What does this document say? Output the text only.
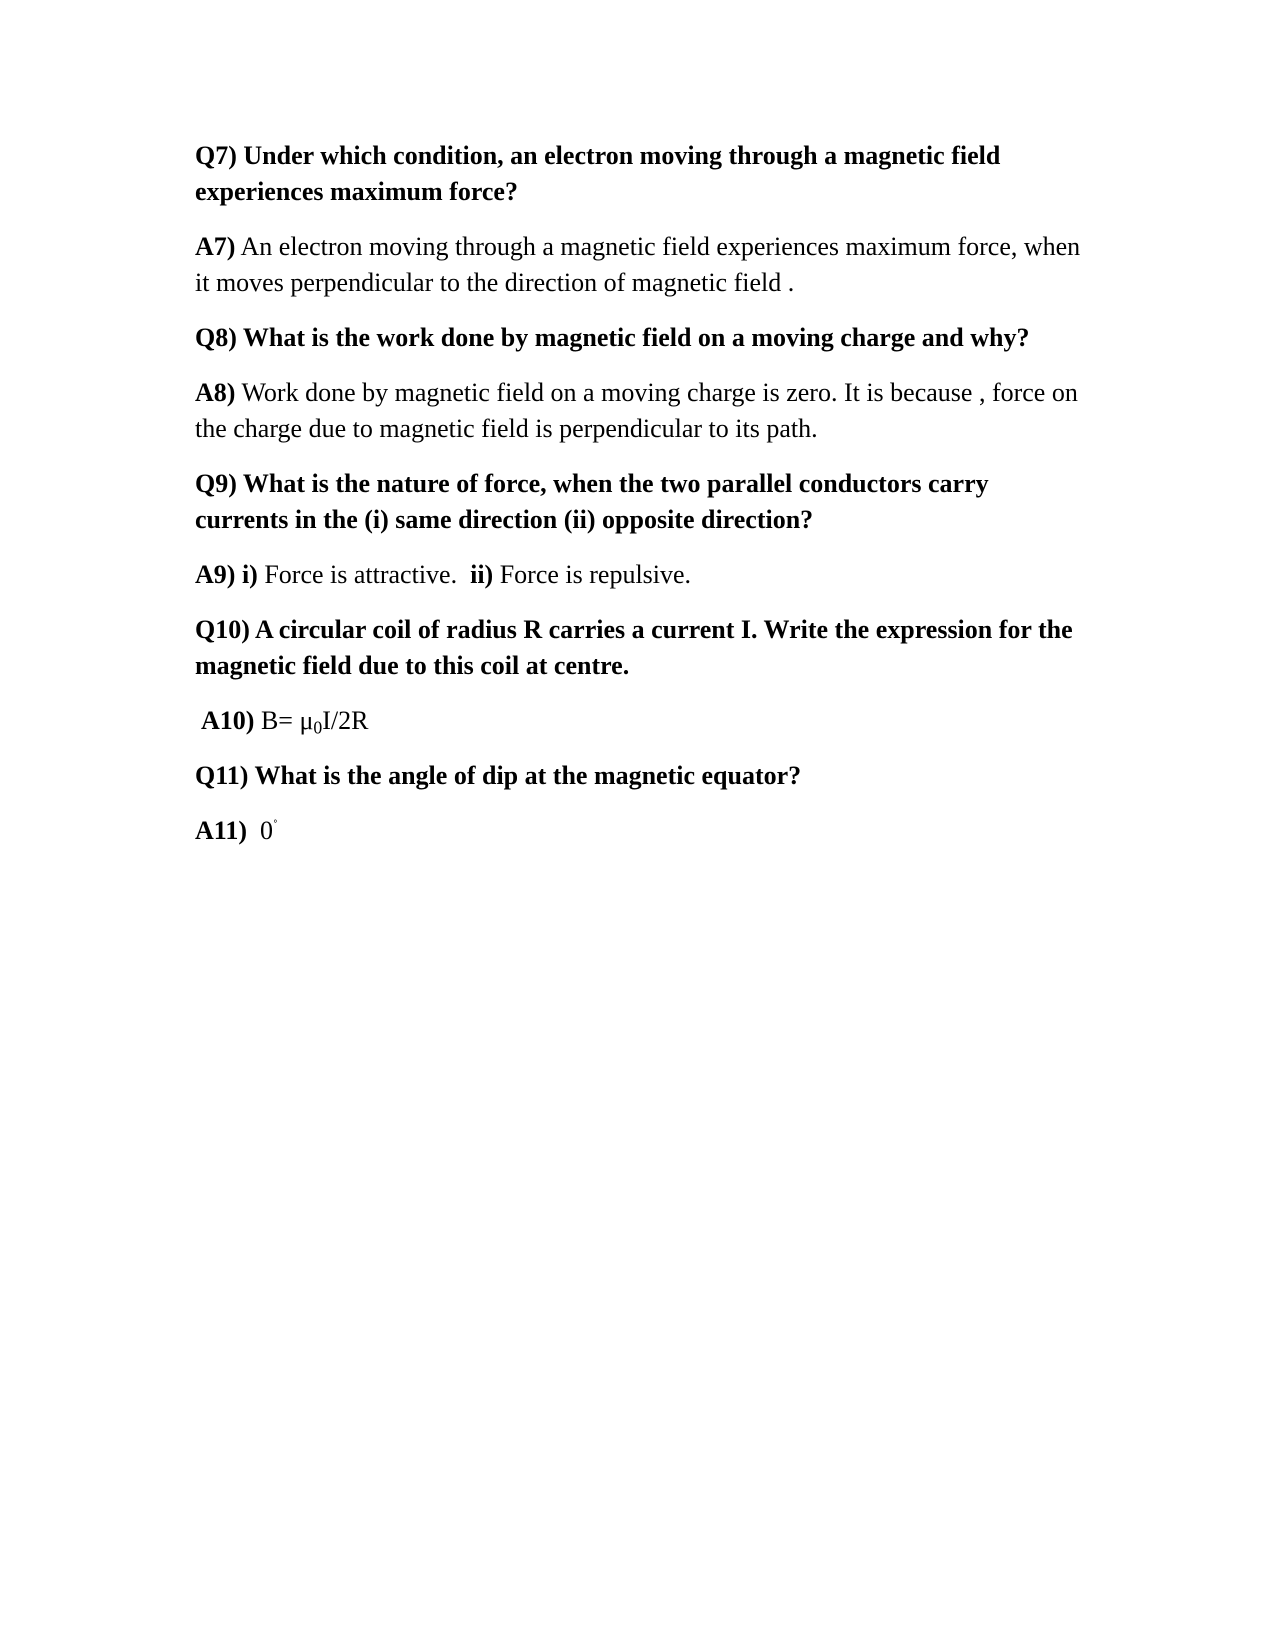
Q7) Under which condition, an electron moving through a magnetic field experiences maximum force?

A7) An electron moving through a magnetic field experiences maximum force, when it moves perpendicular to the direction of magnetic field .

Q8) What is the work done by magnetic field on a moving charge and why?

A8) Work done by magnetic field on a moving charge is zero. It is because , force on the charge due to magnetic field is perpendicular to its path.

Q9) What is the nature of force, when the two parallel conductors carry currents in the (i) same direction (ii) opposite direction?

A9) i) Force is attractive. ii) Force is repulsive.

Q10) A circular coil of radius R carries a current I. Write the expression for the magnetic field due to this coil at centre.

A10) $B= \mu_0I/2R$

Q11) What is the angle of dip at the magnetic equator?

A11) 0˚
